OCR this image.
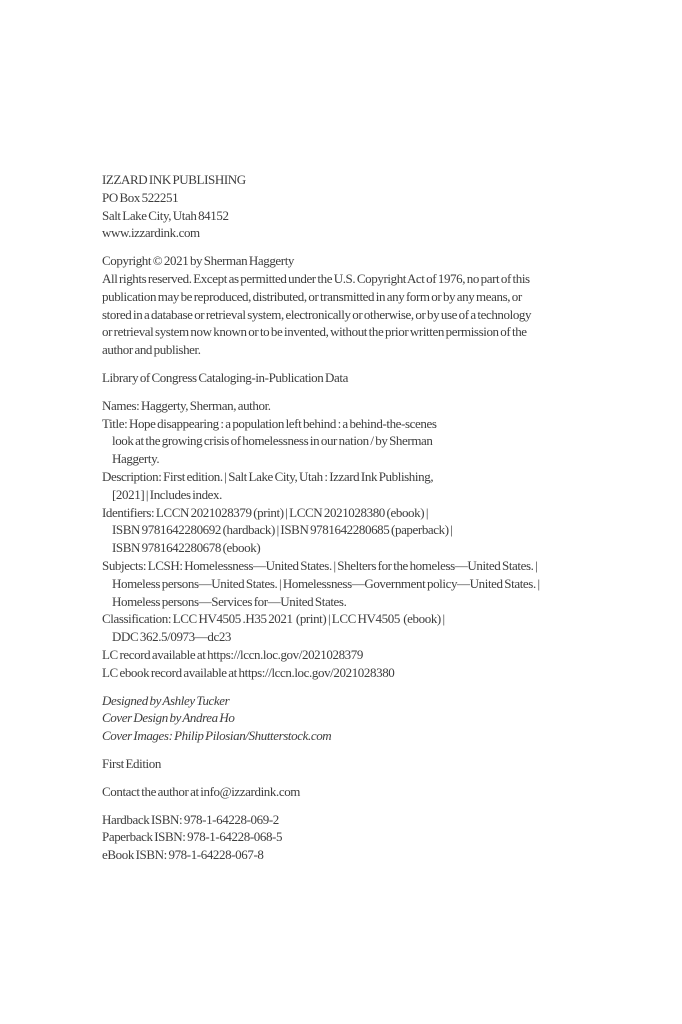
IZZARD INK PUBLISHING
PO Box 522251
Salt Lake City, Utah 84152
www.izzardink.com
Copyright © 2021 by Sherman Haggerty
All rights reserved. Except as permitted under the U.S. Copyright Act of 1976, no part of this
publication may be reproduced, distributed, or transmitted in any form or by any means, or
stored in a database or retrieval system, electronically or otherwise, or by use of a technology
or retrieval system now known or to be invented, without the prior written permission of the
author and publisher.
Library of Congress Cataloging-in-Publication Data
Names: Haggerty, Sherman, author.
Title: Hope disappearing : a population left behind : a behind-the-scenes
look at the growing crisis of homelessness in our nation / by Sherman
Haggerty.
Description: First edition. | Salt Lake City, Utah : Izzard Ink Publishing,
[2021] | Includes index.
Identifiers: LCCN 2021028379 (print) | LCCN 2021028380 (ebook) |
ISBN 9781642280692 (hardback) | ISBN 9781642280685 (paperback) |
ISBN 9781642280678 (ebook)
Subjects: LCSH: Homelessness—United States. | Shelters for the homeless—United States. |
Homeless persons—United States. | Homelessness—Government policy—United States. |
Homeless persons—Services for—United States.
Classification: LCC HV4505 .H35 2021  (print) | LCC HV4505  (ebook) |
DDC 362.5/0973—dc23
LC record available at https://lccn.loc.gov/2021028379
LC ebook record available at https://lccn.loc.gov/2021028380
Designed by Ashley Tucker
Cover Design by Andrea Ho
Cover Images: Philip Pilosian/Shutterstock.com
First Edition
Contact the author at info@izzardink.com
Hardback ISBN: 978-1-64228-069-2
Paperback ISBN: 978-1-64228-068-5
eBook ISBN: 978-1-64228-067-8
